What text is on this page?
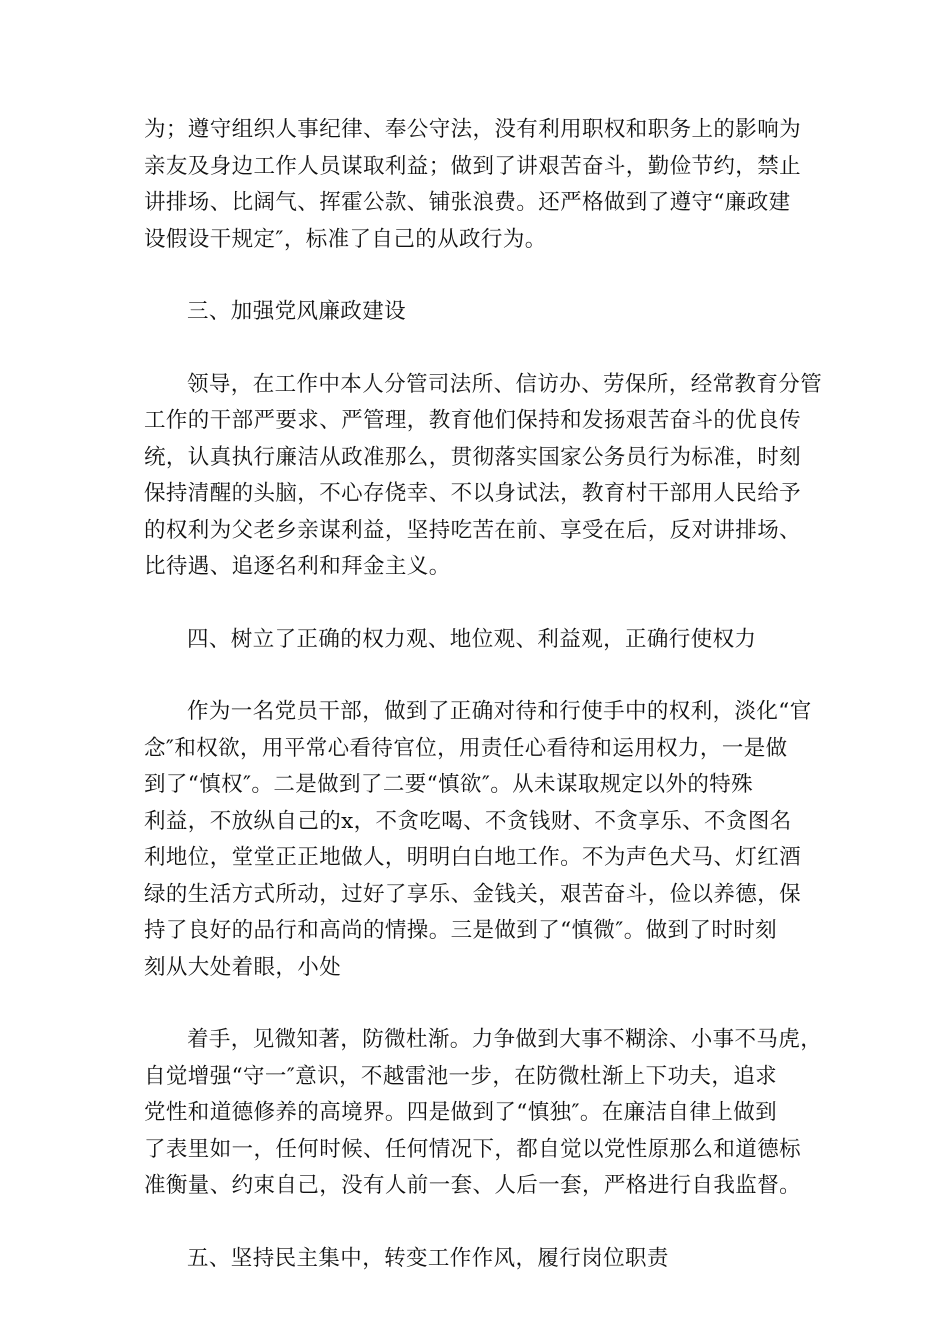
为；遵守组织人事纪律、奉公守法，没有利用职权和职务上的影响为
亲友及身边工作人员谋取利益；做到了讲艰苦奋斗，勤俭节约，禁止
讲排场、比阔气、挥霍公款、铺张浪费。还严格做到了遵守“廉政建
设假设干规定″，标准了自己的从政行为。
三、加强党风廉政建设
领导，在工作中本人分管司法所、信访办、劳保所，经常教育分管
工作的干部严要求、严管理，教育他们保持和发扬艰苦奋斗的优良传
统，认真执行廉洁从政准那么，贯彻落实国家公务员行为标准，时刻
保持清醒的头脑，不心存侥幸、不以身试法，教育村干部用人民给予
的权利为父老乡亲谋利益，坚持吃苦在前、享受在后，反对讲排场、
比待遇、追逐名利和拜金主义。
四、树立了正确的权力观、地位观、利益观，正确行使权力
作为一名党员干部，做到了正确对待和行使手中的权利，淡化“官
念″和权欲，用平常心看待官位，用责任心看待和运用权力，一是做
到了“慎权″。二是做到了二要“慎欲″。从未谋取规定以外的特殊
利益，不放纵自己的x，不贪吃喝、不贪钱财、不贪享乐、不贪图名
利地位，堂堂正正地做人，明明白白地工作。不为声色犬马、灯红酒
绿的生活方式所动，过好了享乐、金钱关，艰苦奋斗，俭以养德，保
持了良好的品行和高尚的情操。三是做到了“慎微″。做到了时时刻
刻从大处着眼，小处
着手，见微知著，防微杜渐。力争做到大事不糊涂、小事不马虎，
自觉增强“守一″意识，不越雷池一步，在防微杜渐上下功夫，追求
党性和道德修养的高境界。四是做到了“慎独″。在廉洁自律上做到
了表里如一，任何时候、任何情况下，都自觉以党性原那么和道德标
准衡量、约束自己，没有人前一套、人后一套，严格进行自我监督。
五、坚持民主集中，转变工作作风，履行岗位职责
